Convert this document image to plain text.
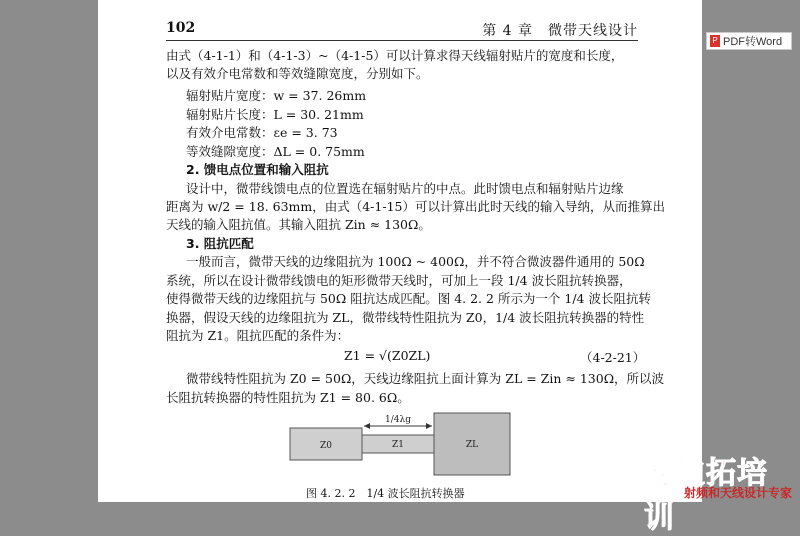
102	第 4 章　微带天线设计
由式（4-1-1）和（4-1-3）~（4-1-5）可以计算求得天线辐射贴片的宽度和长度，
以及有效介电常数和等效缝隙宽度，分别如下。
辐射贴片宽度：w = 37. 26mm
辐射贴片长度：L = 30. 21mm
有效介电常数：εe = 3. 73
等效缝隙宽度：ΔL = 0. 75mm
2. 馈电点位置和输入阻抗
设计中，微带线馈电点的位置选在辐射贴片的中点。此时馈电点和辐射贴片边缘
距离为 w/2 = 18. 63mm，由式（4-1-15）可以计算出此时天线的输入导纳，从而推算出
天线的输入阻抗值。其输入阻抗 Zin ≈ 130Ω。
3. 阻抗匹配
一般而言，微带天线的边缘阻抗为 100Ω ~ 400Ω，并不符合微波器件通用的 50Ω
系统，所以在设计微带线馈电的矩形微带天线时，可加上一段 1/4 波长阻抗转换器，
使得微带天线的边缘阻抗与 50Ω 阻抗达成匹配。图 4. 2. 2 所示为一个 1/4 波长阻抗转
换器，假设天线的边缘阻抗为 ZL，微带线特性阻抗为 Z0，1/4 波长阻抗转换器的特性
阻抗为 Z1。阻抗匹配的条件为：
Z1 = √(Z0ZL)	（4-2-21）
微带线特性阻抗为 Z0 = 50Ω，天线边缘阻抗上面计算为 ZL = Zin ≈ 130Ω，所以波
长阻抗转换器的特性阻抗为 Z1 = 80. 6Ω。
Z0	Z1	ZL
1/4λg
图 4. 2. 2　1/4 波长阻抗转换器
P PDF转Word
易迪拓培训
射频和天线设计专家
